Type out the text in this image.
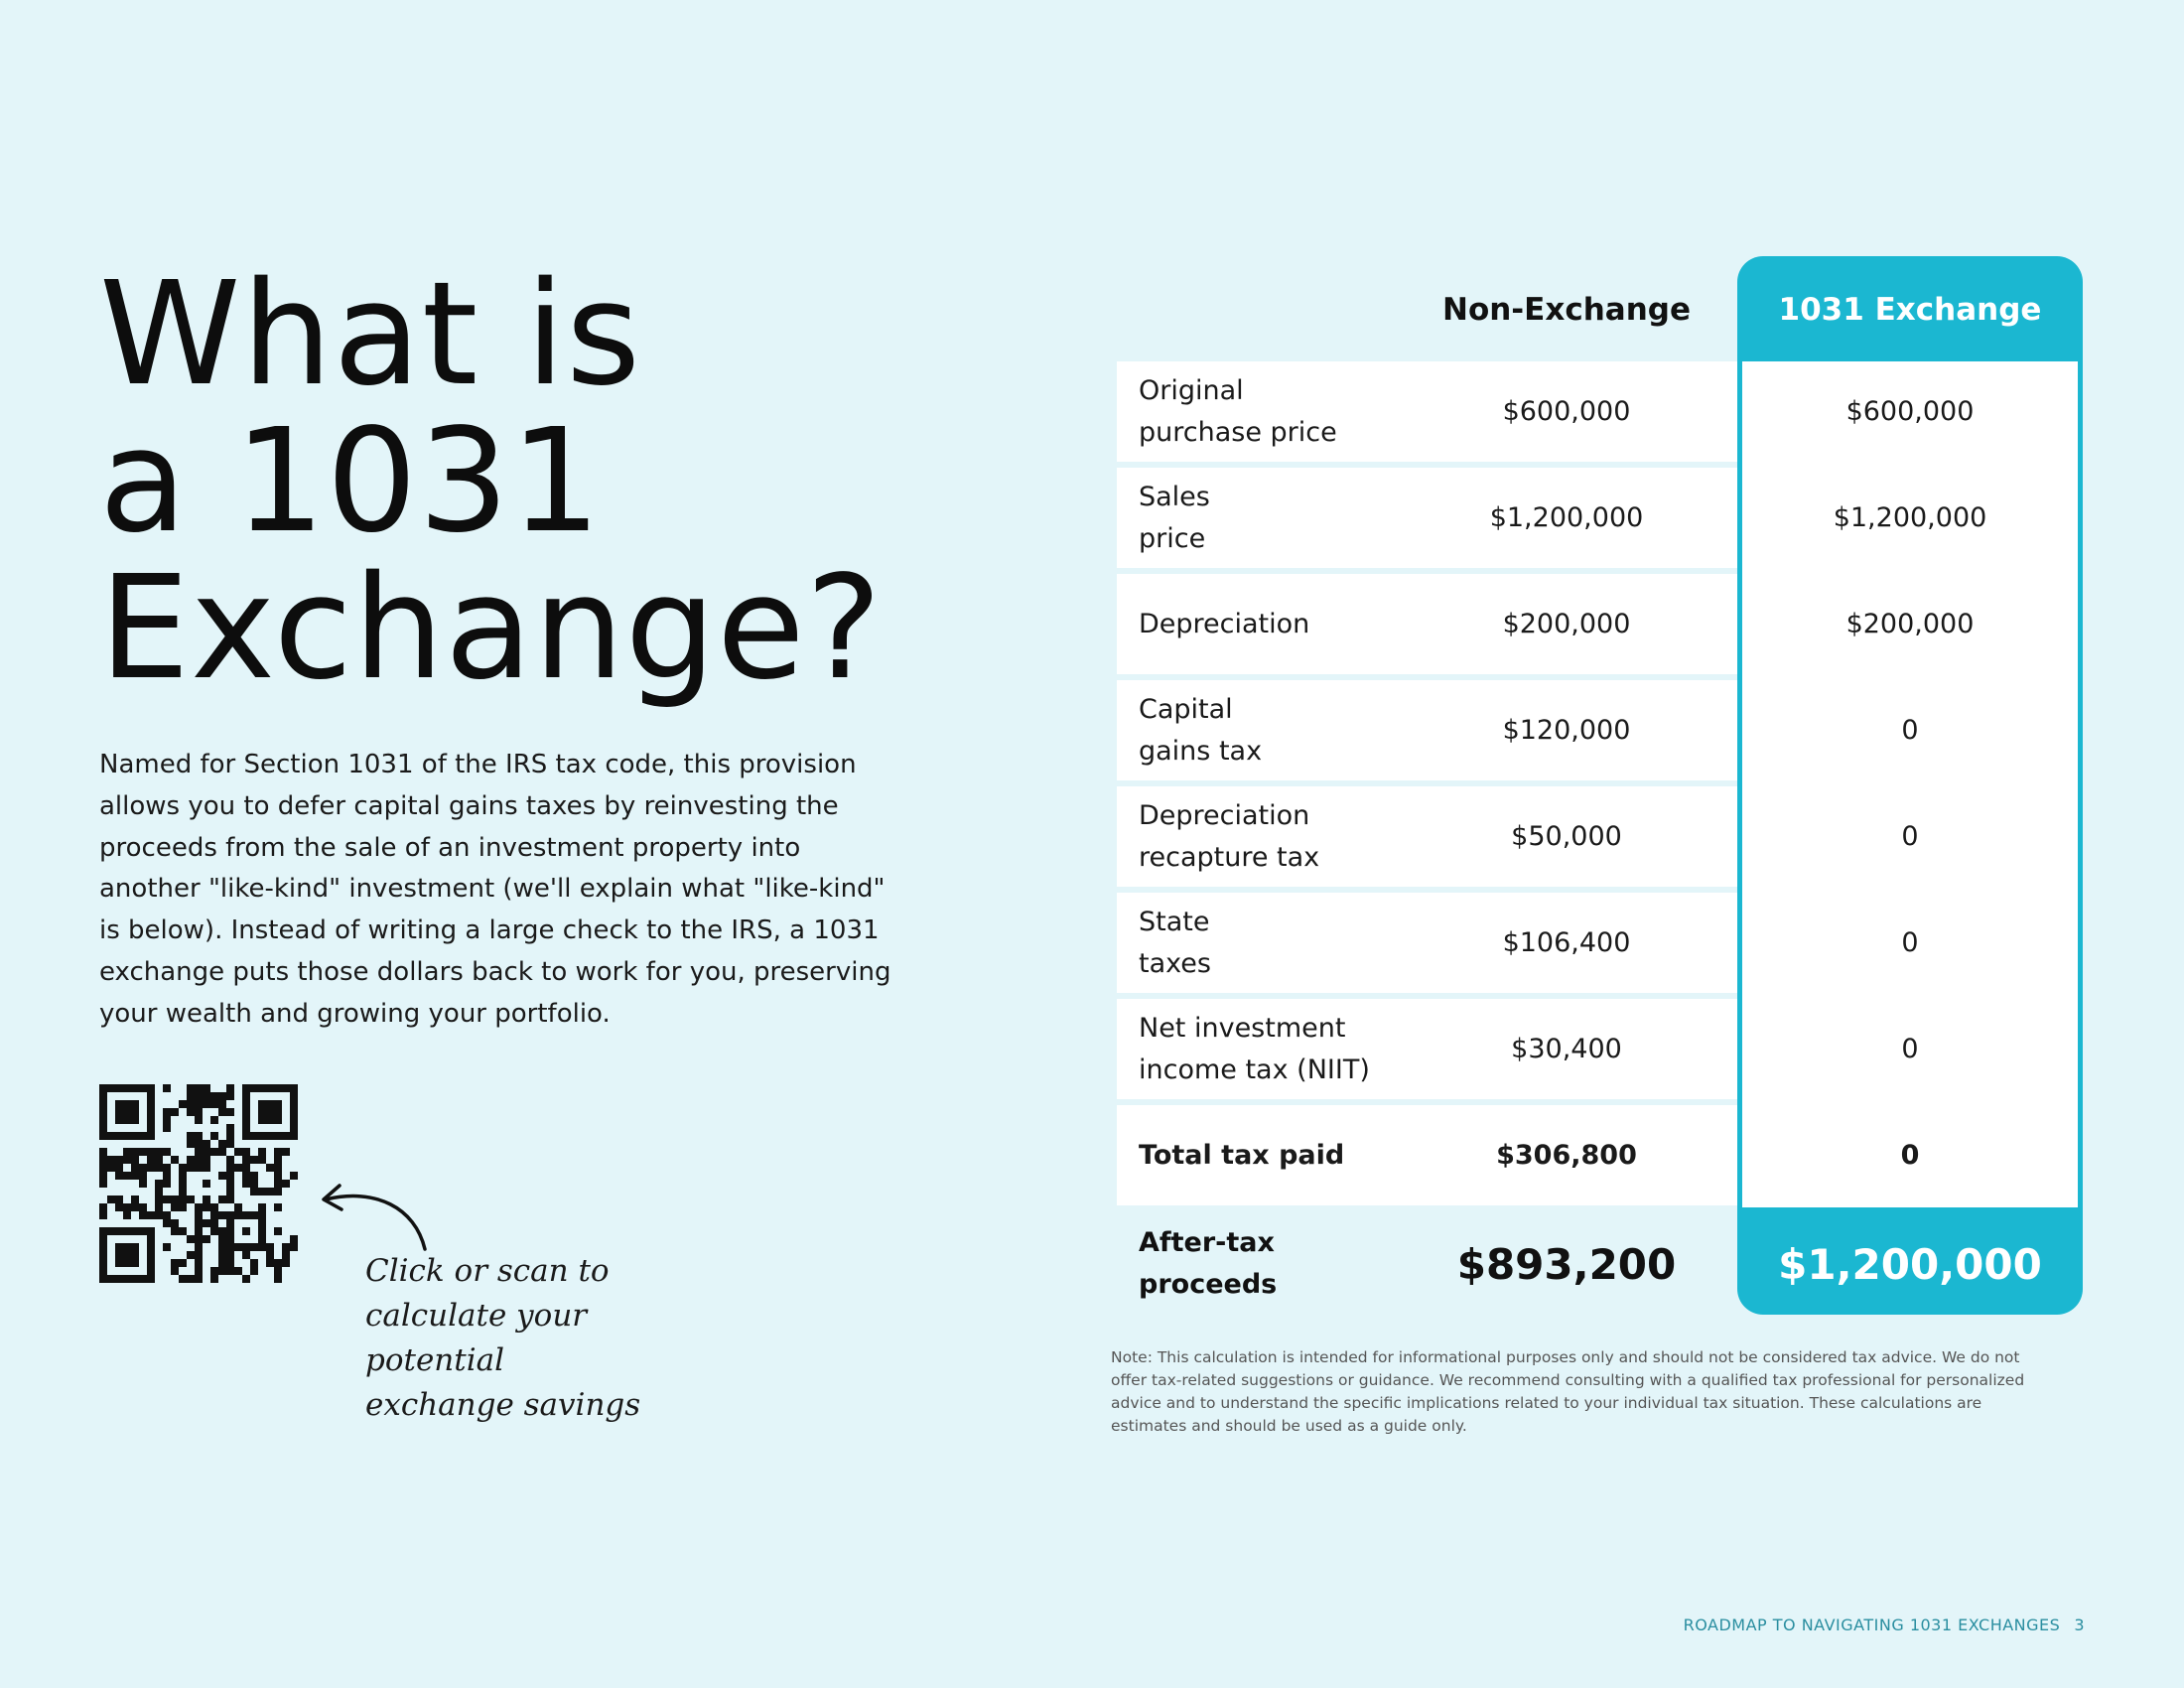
What is
a 1031
Exchange?

Named for Section 1031 of the IRS tax code, this provision allows you to defer capital gains taxes by reinvesting the proceeds from the sale of an investment property into another "like-kind" investment (we'll explain what "like-kind" is below). Instead of writing a large check to the IRS, a 1031 exchange puts those dollars back to work for you, preserving your wealth and growing your portfolio.

Click or scan to
calculate your potential
exchange savings
Non-Exchange	1031 Exchange
Original
purchase price
$600,000	$600,000
Sales
price
$1,200,000	$1,200,000
Depreciation	$200,000	$200,000
Capital
gains tax
$120,000	0
Depreciation
recapture tax
$50,000	0
State
taxes
$106,400	0
Net investment
income tax (NIIT)
$30,400	0
Total tax paid	$306,800	0
After-tax
proceeds	$893,200	$1,200,000

Note: This calculation is intended for informational purposes only and should not be considered tax advice. We do not offer tax-related suggestions or guidance. We recommend consulting with a qualified tax professional for personalized advice and to understand the specific implications related to your individual tax situation. These calculations are estimates and should be used as a guide only.

ROADMAP TO NAVIGATING 1031 EXCHANGES 3
